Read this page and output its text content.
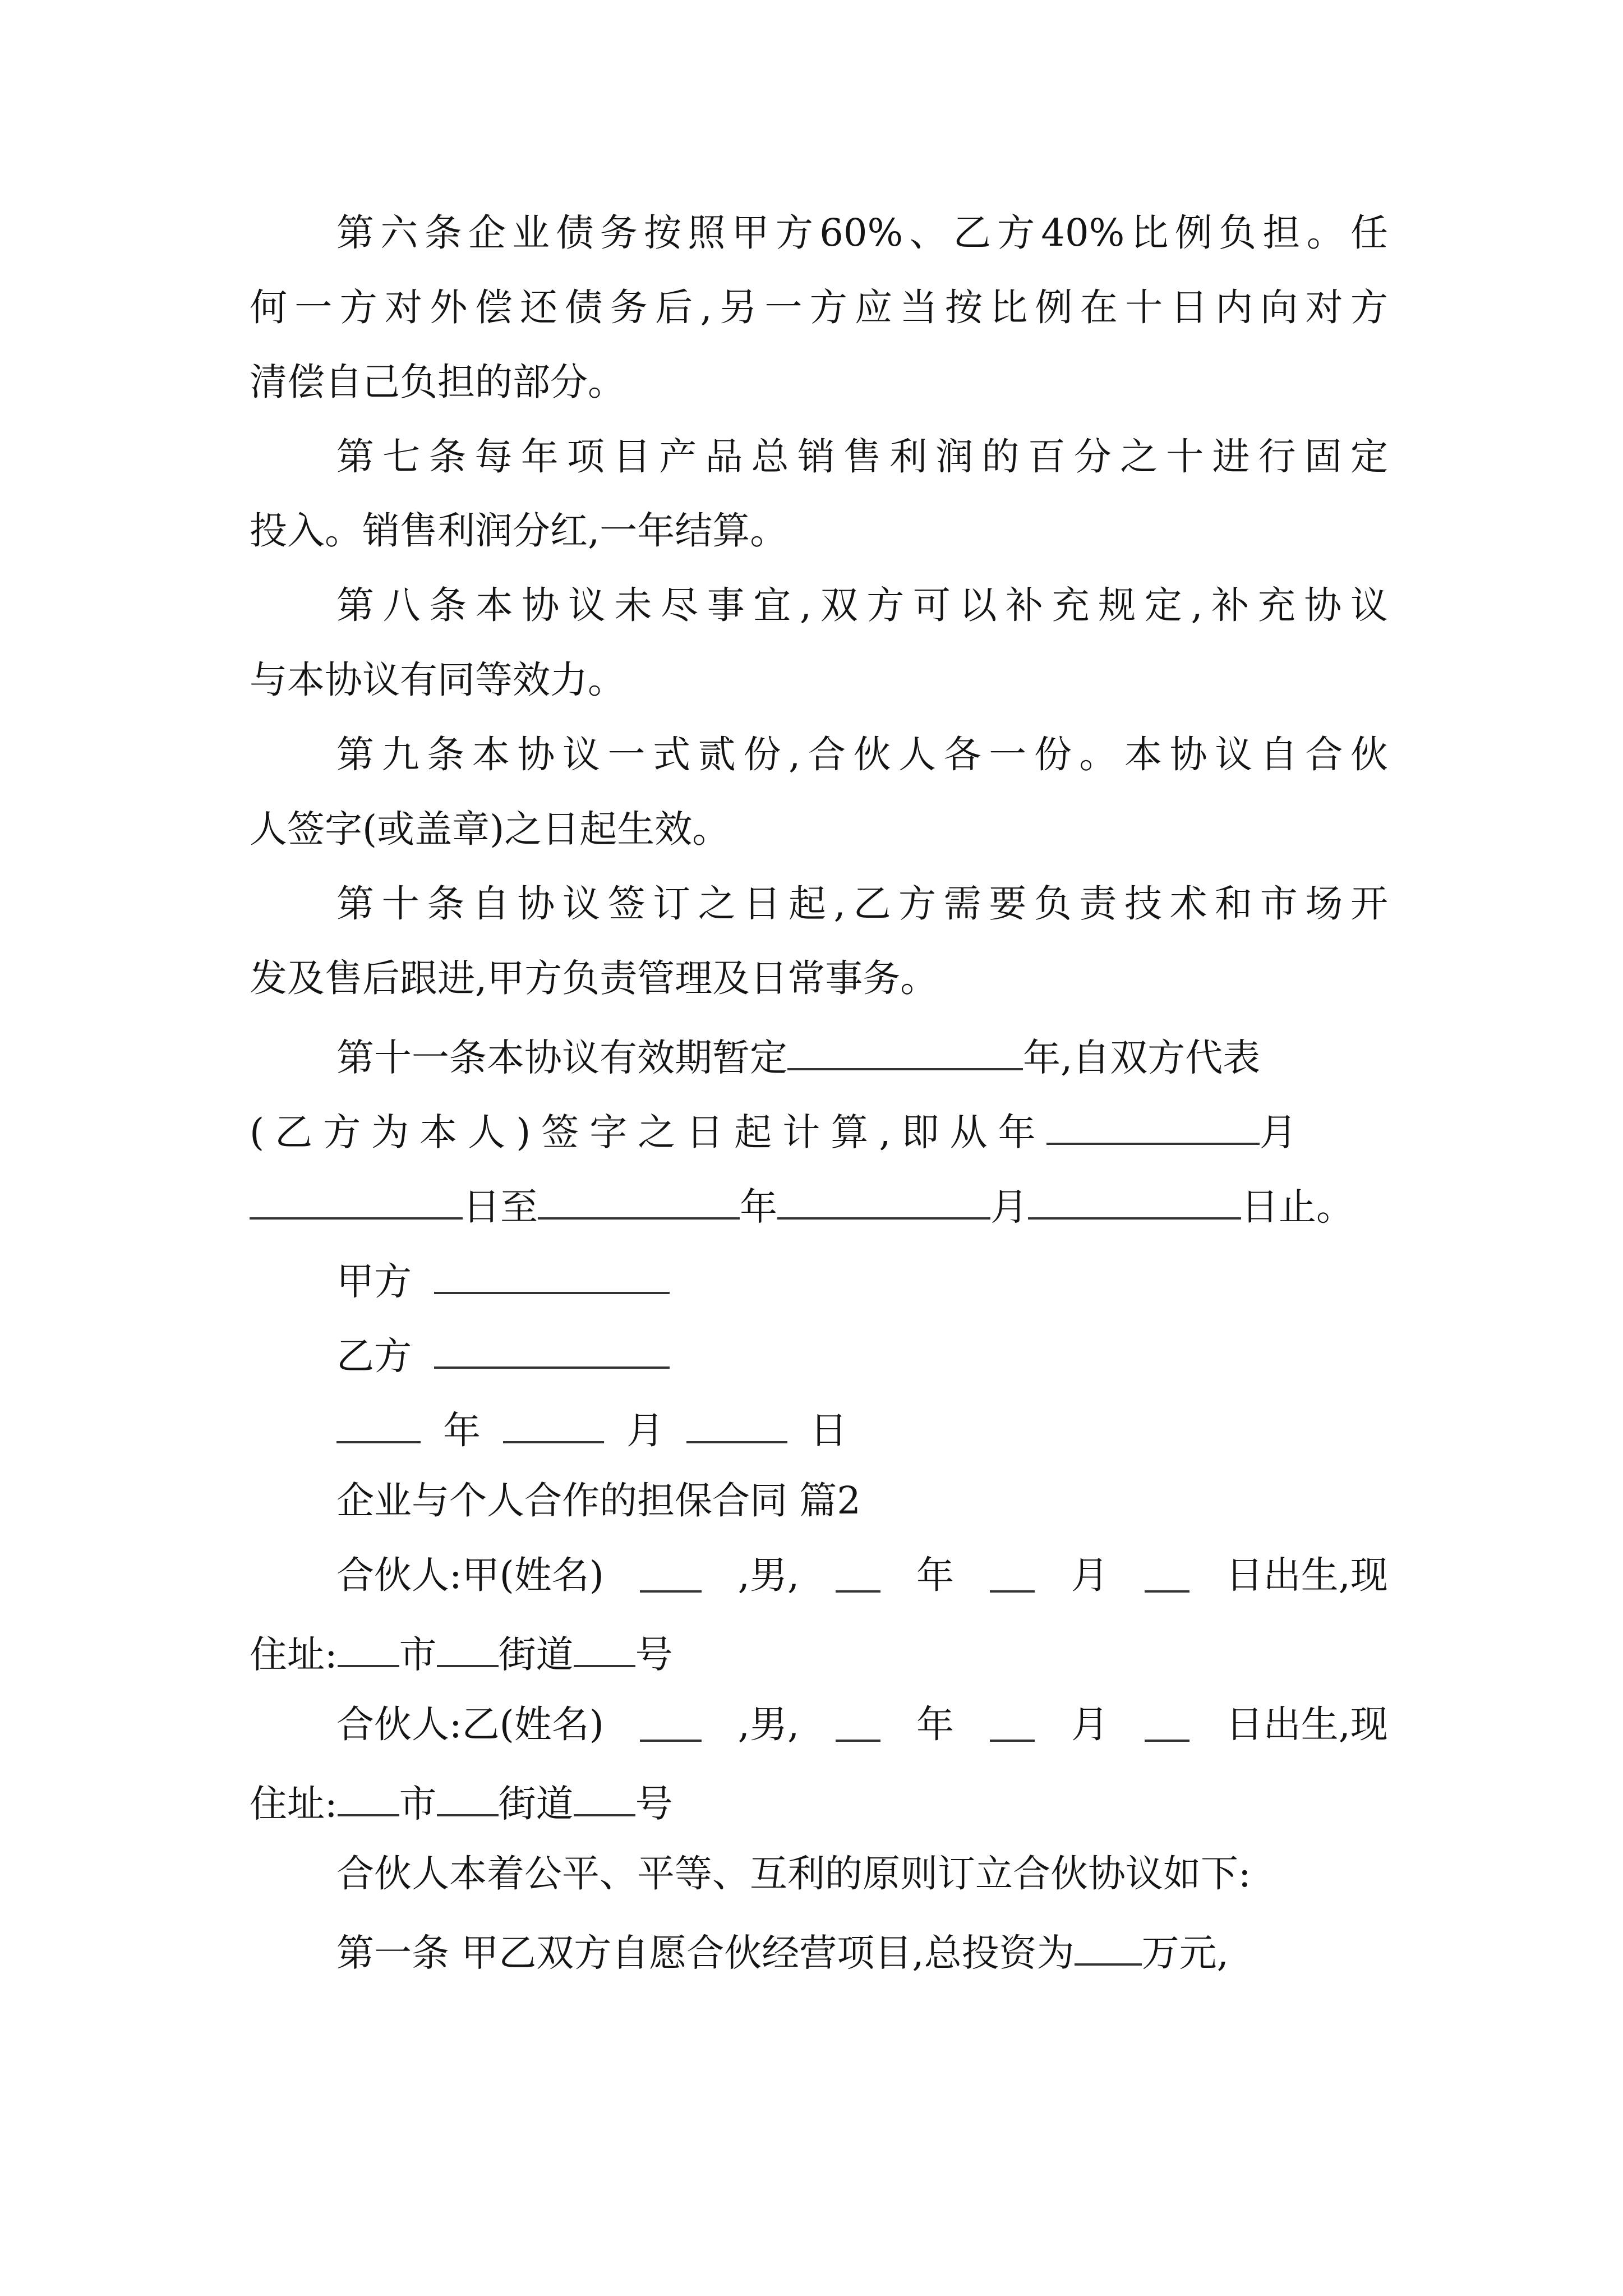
第六条企业债务按照甲方60%、乙方40%比例负担。任
何一方对外偿还债务后,另一方应当按比例在十日内向对方
清偿自己负担的部分。
第七条每年项目产品总销售利润的百分之十进行固定
投入。销售利润分红,一年结算。
第八条本协议未尽事宜,双方可以补充规定,补充协议
与本协议有同等效力。
第九条本协议一式贰份,合伙人各一份。本协议自合伙
人签字(或盖章)之日起生效。
第十条自协议签订之日起,乙方需要负责技术和市场开
发及售后跟进,甲方负责管理及日常事务。
第十一条本协议有效期暂定	年,自双方代表
(乙方为本人)签字之日起计算,即从年	月
日至	年	月	日止。
甲方
乙方
年	月	日
企业与个人合作的担保合同 篇2
合伙人:甲(姓名)	,男,	年	月	日出生,现
住址: 市 街道 号
合伙人:乙(姓名)	,男,	年	月	日出生,现
住址: 市 街道 号
合伙人本着公平、平等、互利的原则订立合伙协议如下:
第一条 甲乙双方自愿合伙经营项目,总投资为 万元,
